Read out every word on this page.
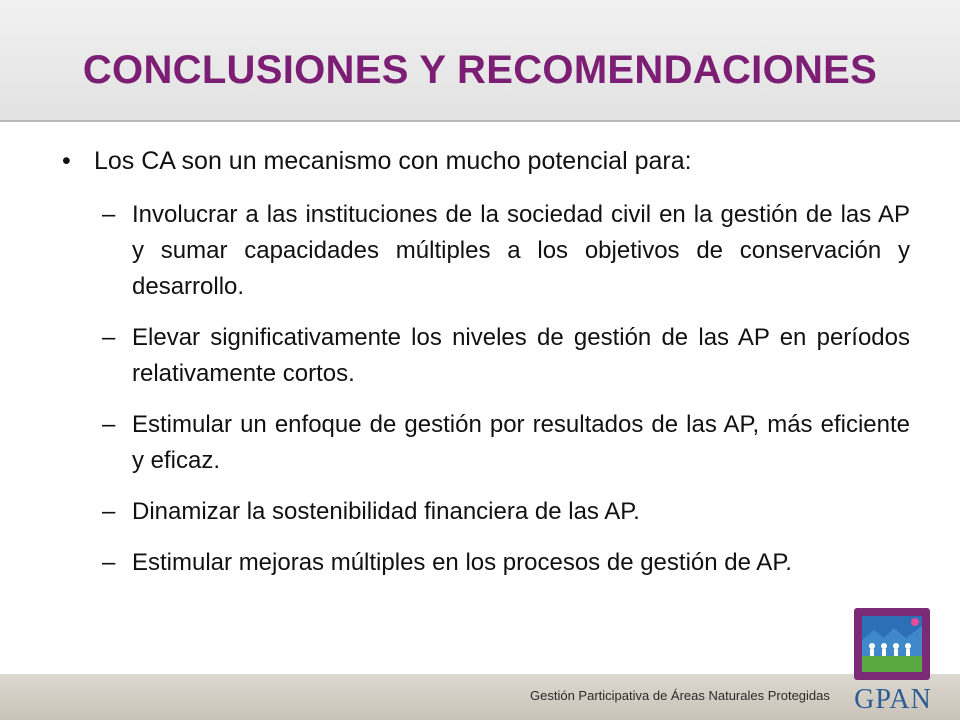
CONCLUSIONES Y RECOMENDACIONES
• Los CA son un mecanismo con mucho potencial para:
– Involucrar a las instituciones de la sociedad civil en la gestión de las AP y sumar capacidades múltiples a los objetivos de conservación y desarrollo.
– Elevar significativamente los niveles de gestión de las AP en períodos relativamente cortos.
– Estimular un enfoque de gestión por resultados de las AP, más eficiente y eficaz.
– Dinamizar la sostenibilidad financiera de las AP.
– Estimular mejoras múltiples en los procesos de gestión de AP.
Gestión Participativa de Áreas Naturales Protegidas GPAN
